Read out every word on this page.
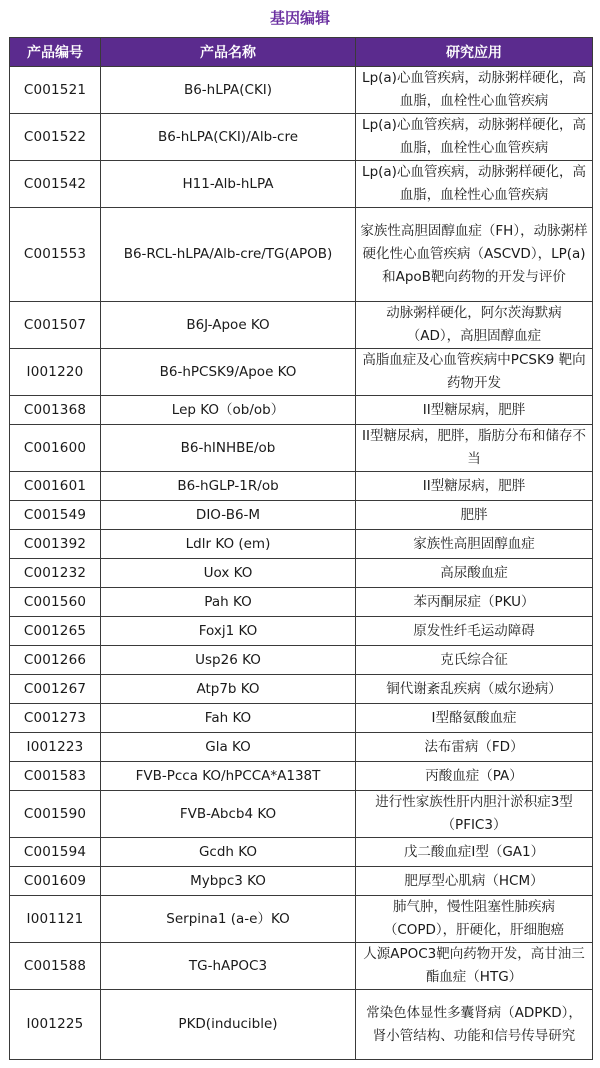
基因编辑
产品编号	产品名称	研究应用
C001521	B6-hLPA(CKI)	Lp(a)心血管疾病，动脉粥样硬化，高血脂，血栓性心血管疾病
C001522	B6-hLPA(CKI)/Alb-cre	Lp(a)心血管疾病，动脉粥样硬化，高血脂，血栓性心血管疾病
C001542	H11-Alb-hLPA	Lp(a)心血管疾病，动脉粥样硬化，高血脂，血栓性心血管疾病
C001553	B6-RCL-hLPA/Alb-cre/TG(APOB)	家族性高胆固醇血症（FH），动脉粥样硬化性心血管疾病（ASCVD），LP(a)和ApoB靶向药物的开发与评价
C001507	B6J-Apoe KO	动脉粥样硬化，阿尔茨海默病（AD），高胆固醇血症
I001220	B6-hPCSK9/Apoe KO	高脂血症及心血管疾病中PCSK9 靶向药物开发
C001368	Lep KO（ob/ob）	II型糖尿病，肥胖
C001600	B6-hINHBE/ob	II型糖尿病，肥胖，脂肪分布和储存不当
C001601	B6-hGLP-1R/ob	II型糖尿病，肥胖
C001549	DIO-B6-M	肥胖
C001392	Ldlr KO (em)	家族性高胆固醇血症
C001232	Uox KO	高尿酸血症
C001560	Pah KO	苯丙酮尿症（PKU）
C001265	Foxj1 KO	原发性纤毛运动障碍
C001266	Usp26 KO	克氏综合征
C001267	Atp7b KO	铜代谢紊乱疾病（威尔逊病）
C001273	Fah KO	I型酪氨酸血症
I001223	Gla KO	法布雷病（FD）
C001583	FVB-Pcca KO/hPCCA*A138T	丙酸血症（PA）
C001590	FVB-Abcb4 KO	进行性家族性肝内胆汁淤积症3型（PFIC3）
C001594	Gcdh KO	戊二酸血症I型（GA1）
C001609	Mybpc3 KO	肥厚型心肌病（HCM）
I001121	Serpina1 (a-e）KO	肺气肿，慢性阻塞性肺疾病（COPD），肝硬化，肝细胞癌
C001588	TG-hAPOC3	人源APOC3靶向药物开发，高甘油三酯血症（HTG）
I001225	PKD(inducible)	常染色体显性多囊肾病（ADPKD），肾小管结构、功能和信号传导研究
